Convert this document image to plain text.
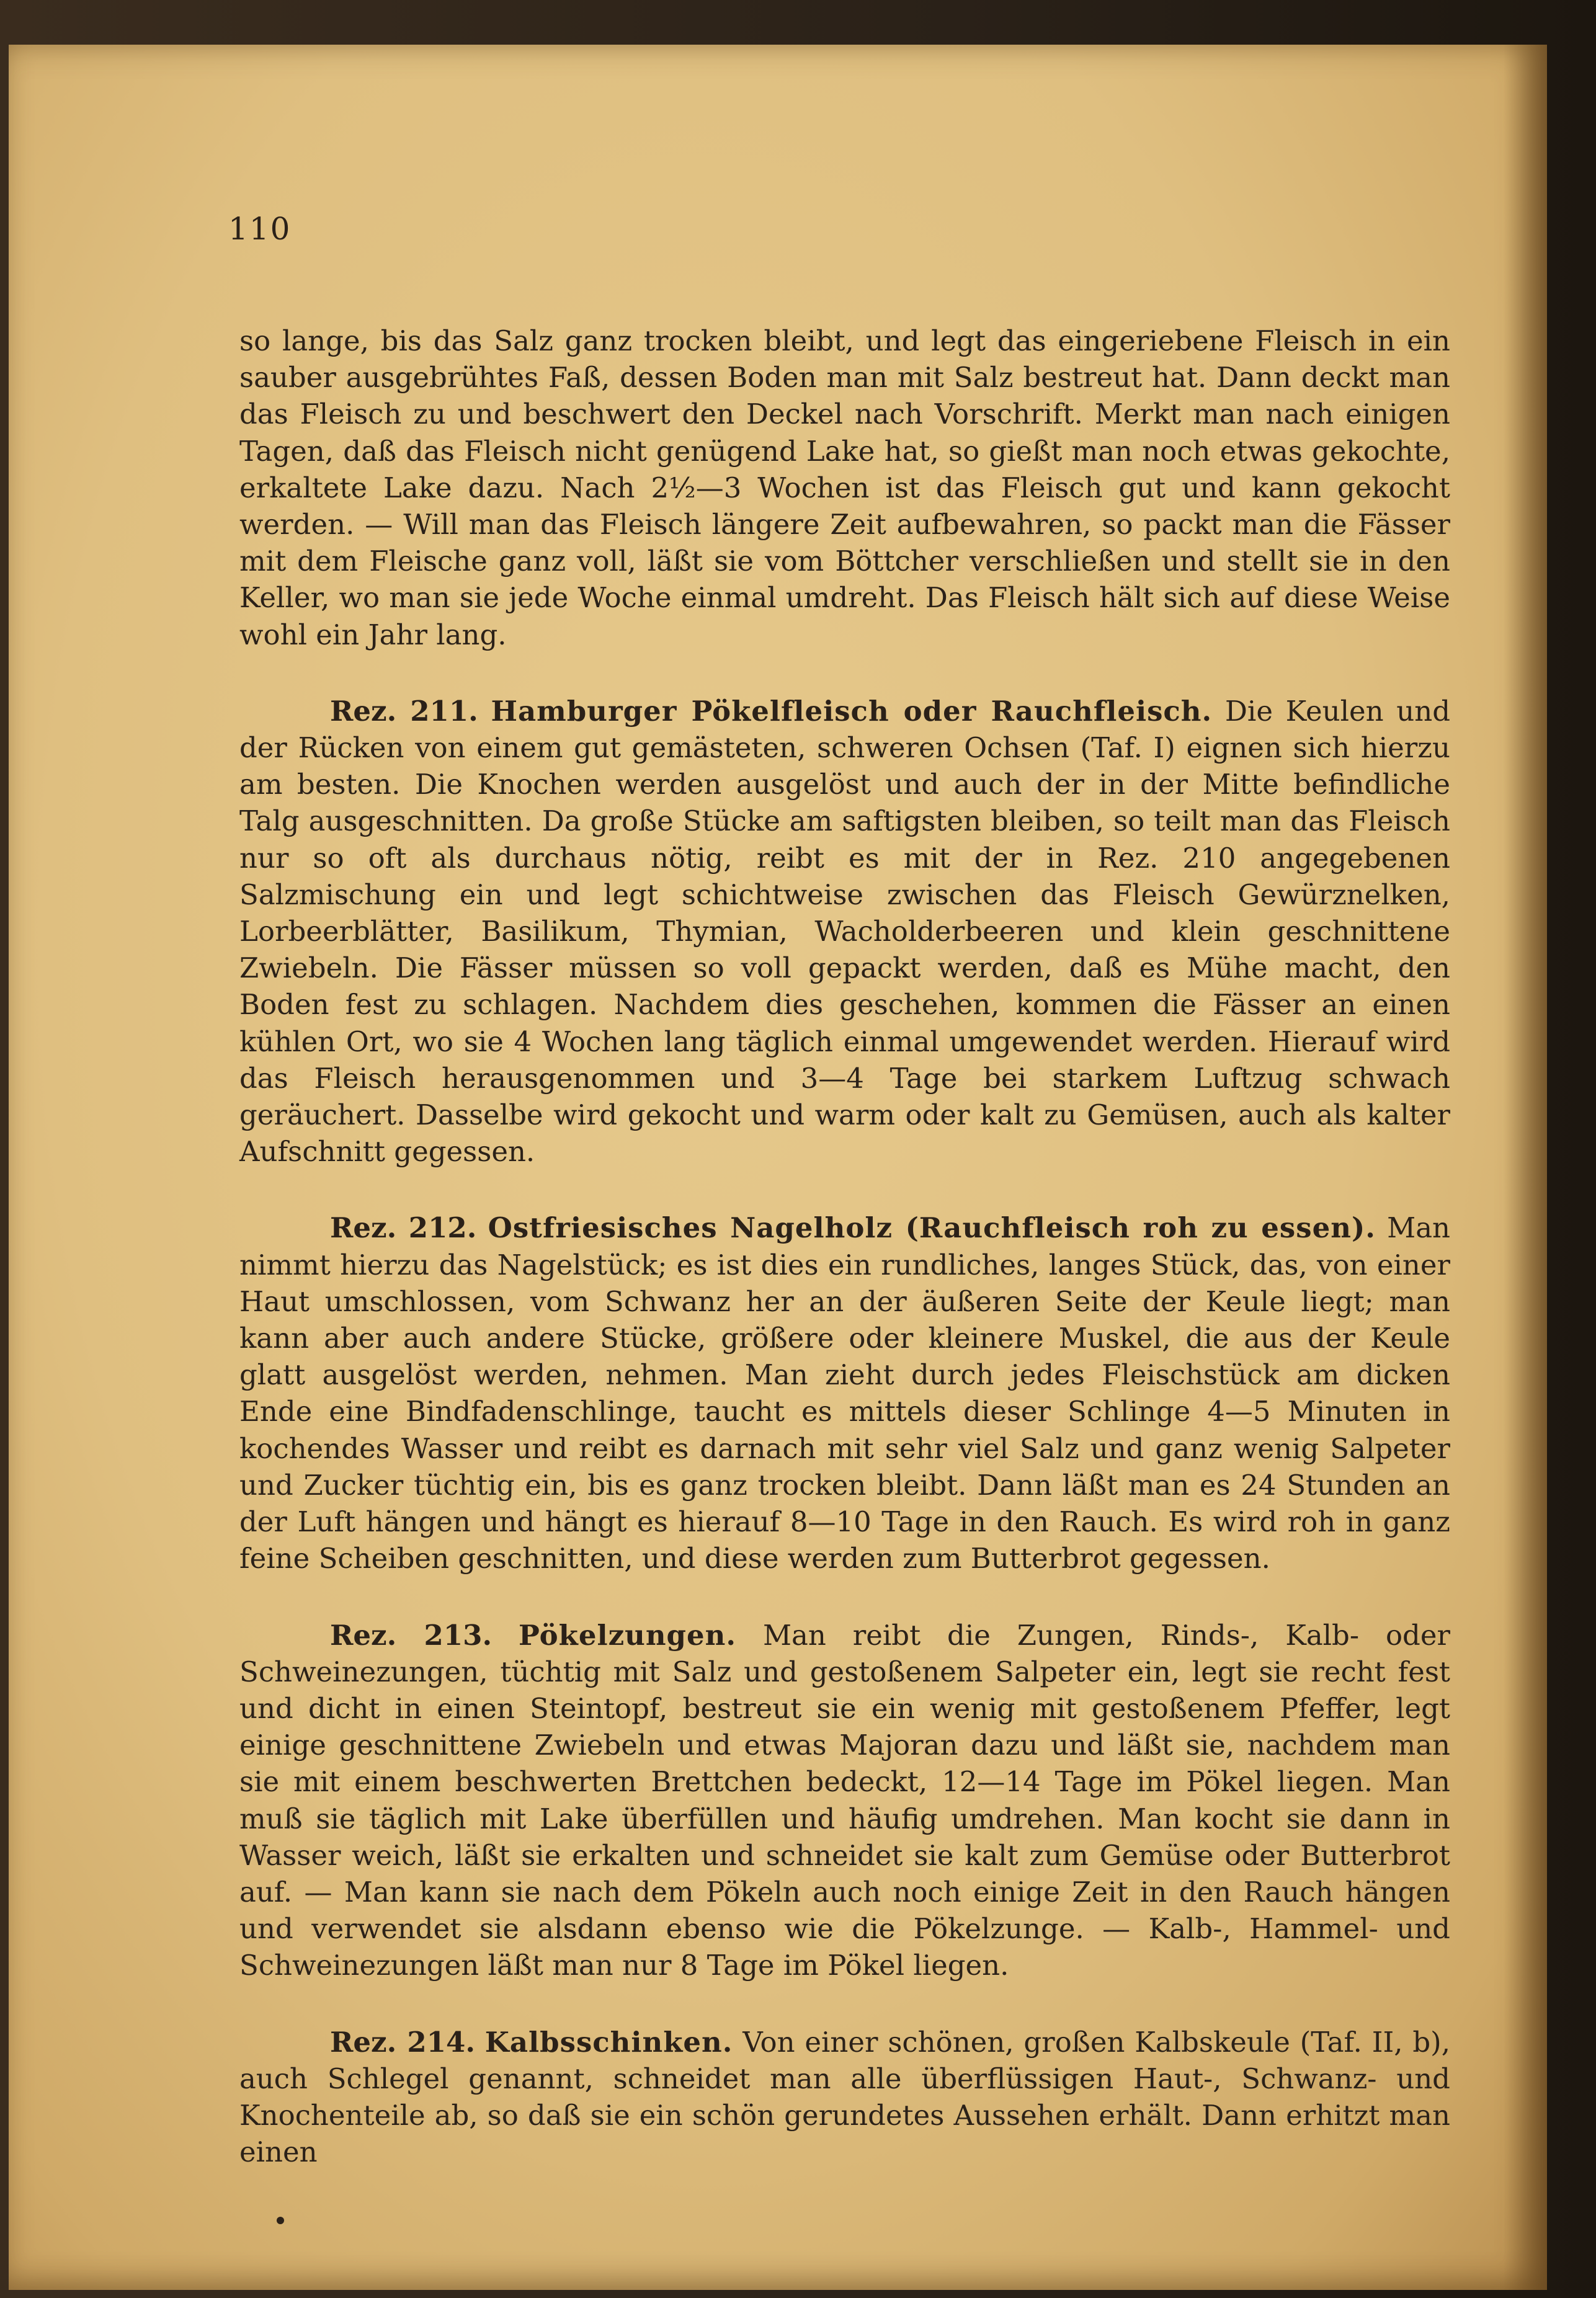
110

so lange, bis das Salz ganz trocken bleibt, und legt das eingeriebene Fleisch in ein sauber ausgebrühtes Faß, dessen Boden man mit Salz bestreut hat. Dann deckt man das Fleisch zu und beschwert den Deckel nach Vorschrift. Merkt man nach einigen Tagen, daß das Fleisch nicht genügend Lake hat, so gießt man noch etwas gekochte, erkaltete Lake dazu. Nach 2½—3 Wochen ist das Fleisch gut und kann gekocht werden. — Will man das Fleisch längere Zeit aufbewahren, so packt man die Fässer mit dem Fleische ganz voll, läßt sie vom Böttcher verschließen und stellt sie in den Keller, wo man sie jede Woche einmal umdreht. Das Fleisch hält sich auf diese Weise wohl ein Jahr lang.

Rez. 211. Hamburger Pökelfleisch oder Rauchfleisch. Die Keulen und der Rücken von einem gut gemästeten, schweren Ochsen (Taf. I) eignen sich hierzu am besten. Die Knochen werden ausgelöst und auch der in der Mitte befindliche Talg ausgeschnitten. Da große Stücke am saftigsten bleiben, so teilt man das Fleisch nur so oft als durchaus nötig, reibt es mit der in Rez. 210 angegebenen Salzmischung ein und legt schichtweise zwischen das Fleisch Gewürznelken, Lorbeerblätter, Basilikum, Thymian, Wacholderbeeren und klein geschnittene Zwiebeln. Die Fässer müssen so voll gepackt werden, daß es Mühe macht, den Boden fest zu schlagen. Nachdem dies geschehen, kommen die Fässer an einen kühlen Ort, wo sie 4 Wochen lang täglich einmal umgewendet werden. Hierauf wird das Fleisch herausgenommen und 3—4 Tage bei starkem Luftzug schwach geräuchert. Dasselbe wird gekocht und warm oder kalt zu Gemüsen, auch als kalter Aufschnitt gegessen.

Rez. 212. Ostfriesisches Nagelholz (Rauchfleisch roh zu essen). Man nimmt hierzu das Nagelstück; es ist dies ein rundliches, langes Stück, das, von einer Haut umschlossen, vom Schwanz her an der äußeren Seite der Keule liegt; man kann aber auch andere Stücke, größere oder kleinere Muskel, die aus der Keule glatt ausgelöst werden, nehmen. Man zieht durch jedes Fleischstück am dicken Ende eine Bindfadenschlinge, taucht es mittels dieser Schlinge 4—5 Minuten in kochendes Wasser und reibt es darnach mit sehr viel Salz und ganz wenig Salpeter und Zucker tüchtig ein, bis es ganz trocken bleibt. Dann läßt man es 24 Stunden an der Luft hängen und hängt es hierauf 8—10 Tage in den Rauch. Es wird roh in ganz feine Scheiben geschnitten, und diese werden zum Butterbrot gegessen.

Rez. 213. Pökelzungen. Man reibt die Zungen, Rinds-, Kalb- oder Schweinezungen, tüchtig mit Salz und gestoßenem Salpeter ein, legt sie recht fest und dicht in einen Steintopf, bestreut sie ein wenig mit gestoßenem Pfeffer, legt einige geschnittene Zwiebeln und etwas Majoran dazu und läßt sie, nachdem man sie mit einem beschwerten Brettchen bedeckt, 12—14 Tage im Pökel liegen. Man muß sie täglich mit Lake überfüllen und häufig umdrehen. Man kocht sie dann in Wasser weich, läßt sie erkalten und schneidet sie kalt zum Gemüse oder Butterbrot auf. — Man kann sie nach dem Pökeln auch noch einige Zeit in den Rauch hängen und verwendet sie alsdann ebenso wie die Pökelzunge. — Kalb-, Hammel- und Schweinezungen läßt man nur 8 Tage im Pökel liegen.

Rez. 214. Kalbsschinken. Von einer schönen, großen Kalbskeule (Taf. II, b), auch Schlegel genannt, schneidet man alle überflüssigen Haut-, Schwanz- und Knochenteile ab, so daß sie ein schön gerundetes Aussehen erhält. Dann erhitzt man einen
